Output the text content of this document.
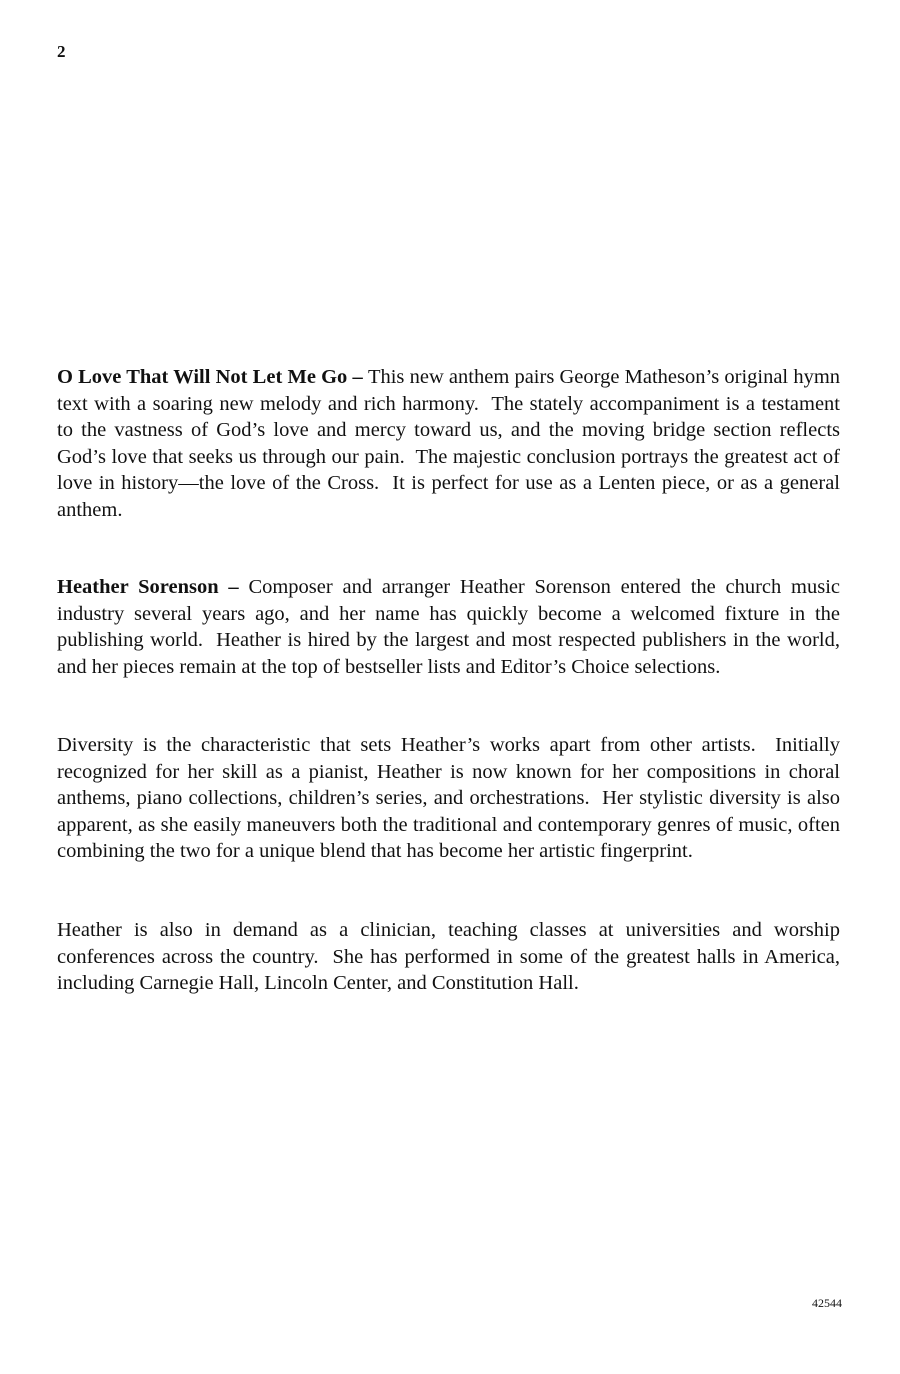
2

O Love That Will Not Let Me Go – This new anthem pairs George Matheson’s original hymn text with a soaring new melody and rich harmony.  The stately accompaniment is a testament to the vastness of God’s love and mercy toward us, and the moving bridge section reflects God’s love that seeks us through our pain.  The majestic conclusion portrays the greatest act of love in history—the love of the Cross.  It is perfect for use as a Lenten piece, or as a general anthem.

Heather Sorenson – Composer and arranger Heather Sorenson entered the church music industry several years ago, and her name has quickly become a welcomed fixture in the publishing world.  Heather is hired by the largest and most respected publishers in the world, and her pieces remain at the top of bestseller lists and Editor’s Choice selections.

Diversity is the characteristic that sets Heather’s works apart from other artists.  Initially recognized for her skill as a pianist, Heather is now known for her compositions in choral anthems, piano collections, children’s series, and orchestrations.  Her stylistic diversity is also apparent, as she easily maneuvers both the traditional and contemporary genres of music, often combining the two for a unique blend that has become her artistic fingerprint.

Heather is also in demand as a clinician, teaching classes at universities and worship conferences across the country.  She has performed in some of the greatest halls in America, including Carnegie Hall, Lincoln Center, and Constitution Hall.

42544
